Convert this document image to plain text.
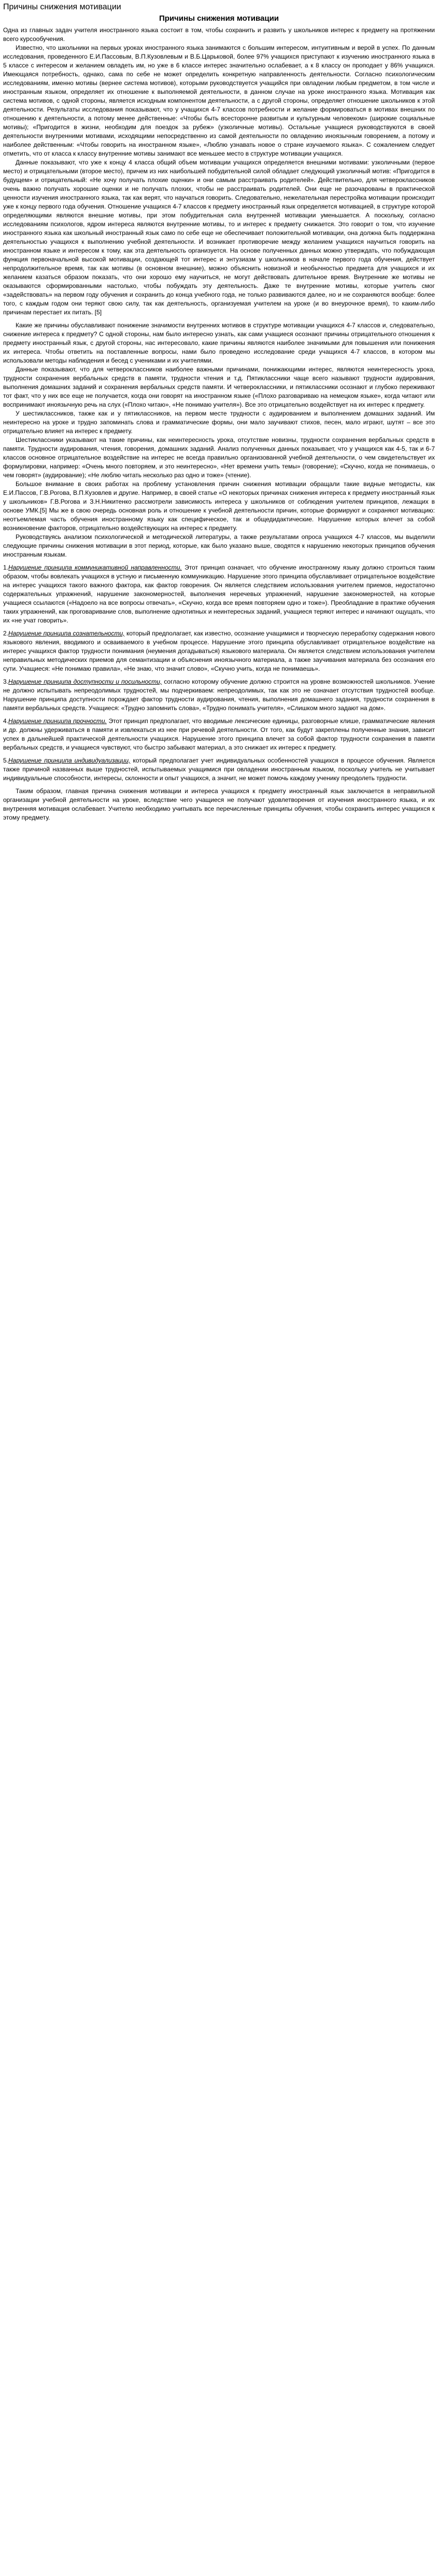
Причины снижения мотивации
Причины снижения мотивации

Одна из главных задач учителя иностранного языка состоит в том, чтобы сохранить и развить у школьников интерес к предмету на протяжении всего курсообучения.

Известно, что школьники на первых уроках иностранного языка занимаются с большим интересом, интуитивным и верой в успех. По данным исследования, проведенного Е.И.Пассовым, В.П.Кузовлевым и В.Б.Царьковой, более 97% учащихся приступают к изучению иностранного языка в 5 классе с интересом и желанием овладеть им, но уже в 6 классе интерес значительно ослабевает, а к 8 классу он проподает у 86% учащихся. Имеющаяся потребность, однако, сама по себе не может определить конкретную направленность деятельности. Согласно психологическим исследованиям, именно мотивы (вернее система мотивов), которыми руководствуется учащийся при овладении любым предметом, в том числе и иностранным языком, определяет их отношение к выполняемой деятельности, в данном случае на уроке иностранного языка. Мотивация как система мотивов, с одной стороны, является исходным компонентом деятельности, а с другой стороны, определяет отношение школьников к этой деятельности. Результаты исследования показывают, что у учащихся 4-7 классов потребности и желание формироваться в мотивах внешних по отношению к деятельности, а потому менее действенные: «Чтобы быть всесторонне развитым и культурным человеком» (широкие социальные мотивы); «Пригодится в жизни, необходим для поездок за рубеж» (узколичные мотивы). Остальные учащиеся руководствуются в своей деятельности внутренними мотивами, исходящими непосредственно из самой деятельности по овладению иноязычным говорением, а потому и наиболее действенным: «Чтобы говорить на иностранном языке», «Люблю узнавать новое о стране изучаемого языка». С сожалением следует отметить, что от класса к классу внутренние мотивы занимают все меньшее место в структуре мотивации учащихся.

Данные показывают, что уже к концу 4 класса общий объем мотивации учащихся определяется внешними мотивами: узколичными (первое место) и отрицательными (второе место), причем из них наибольшей побудительной силой обладает следующий узколичный мотив: «Пригодится в будущем» и отрицательный: «Не хочу получать плохие оценки» и они самым расстраивать родителей». Действительно, для четвероклассников очень важно получать хорошие оценки и не получать плохих, чтобы не расстраивать родителей. Они еще не разочарованы в практической ценности изучения иностранного языка, так как верят, что научаться говорить. Следовательно, нежелательная перестройка мотивации происходит уже к концу первого года обучения. Отношение учащихся 4-7 классов к предмету иностранный язык определяется мотивацией, в структуре которой определяющими являются внешние мотивы, при этом побудительная сила внутренней мотивации уменьшается. А поскольку, согласно исследованиям психологов, ядром интереса являются внутренние мотивы, то и интерес к предмету снижается. Это говорит о том, что изучение иностранного языка как школьный иностранный язык само по себе еще не обеспечивает положительной мотивации, она должна быть поддержана деятельностью учащихся к выполнению учебной деятельности. И возникает противоречие между желанием учащихся научиться говорить на иностранном языке и интересом к тому, как эта деятельность организуется. На основе полученных данных можно утверждать, что побуждающая функция первоначальной высокой мотивации, создающей тот интерес и энтузиазм у школьников в начале первого года обучения, действует непродолжительное время, так как мотивы (в основном внешние), можно объяснить новизной и необычностью предмета для учащихся и их желанием казаться образом показать, что они хорошо ему научиться, не могут действовать длительное время. Внутренние же мотивы не оказываются сформированными настолько, чтобы побуждать эту деятельность. Даже те внутренние мотивы, которые учитель смог «задействовать» на первом году обучения и сохранить до конца учебного года, не только развиваются далее, но и не сохраняются вообще: более того, с каждым годом они теряют свою силу, так как деятельность, организуемая учителем на уроке (и во внеурочное время), то каким-либо причинам перестает их питать. [5]

Какие же причины обуславливают понижение значимости внутренних мотивов в структуре мотивации учащихся 4-7 классов и, следовательно, снижение интереса к предмету? С одной стороны, нам было интересно узнать, как сами учащиеся осознают причины отрицательного отношения к предмету иностранный язык, с другой стороны, нас интересовало, какие причины являются наиболее значимыми для повышения или понижения их интереса. Чтобы ответить на поставленные вопросы, нами было проведено исследование среди учащихся 4-7 классов, в котором мы использовали методы наблюдения и бесед с учениками и их учителями.

Данные показывают, что для четвероклассников наиболее важными причинами, понижающими интерес, являются неинтересность урока, трудности сохранения вербальных средств в памяти, трудности чтения и т.д. Пятиклассники чаще всего называют трудности аудирования, выполнения домашних заданий и сохранения вербальных средств памяти. И четвероклассники, и пятиклассники осознают и глубоко переживают тот факт, что у них все еще не получается, когда они говорят на иностранном языке («Плохо разговариваю на немецком языке», когда читают или воспринимают иноязычную речь на слух («Плохо читаю», «Не понимаю учителя»). Все это отрицательно воздействует на их интерес к предмету.

У шестиклассников, также как и у пятиклассников, на первом месте трудности с аудированием и выполнением домашних заданий. Им неинтересно на уроке и трудно запоминать слова и грамматические формы, они мало заучивают стихов, песен, мало играют, шутят – все это отрицательно влияет на интерес к предмету.

Шестиклассники указывают на такие причины, как неинтересность урока, отсутствие новизны, трудности сохранения вербальных средств в памяти. Трудности аудирования, чтения, говорения, домашних заданий. Анализ полученных данных показывает, что у учащихся как 4-5, так и 6-7 классов основное отрицательное воздействие на интерес не всегда правильно организованной учебной деятельности, о чем свидетельствует их формулировки, например: «Очень много повторяем, и это неинтересно», «Нет времени учить темы» (говорение); «Скучно, когда не понимаешь, о чем говорят» (аудирование); «Не люблю читать несколько раз одно и тоже» (чтение).

Большое внимание в своих работах на проблему установления причин снижения мотивации обращали такие видные методисты, как Е.И.Пассов, Г.В.Рогова, В.П.Кузовлев и другие. Например, в своей статье «О некоторых причинах снижения интереса к предмету иностранный язык у школьников» Г.В.Рогова и З.Н.Никитенко рассмотрели зависимость интереса у школьников от соблюдения учителем принципов, лежащих в основе УМК.[5] Мы же в свою очередь основная роль и отношение к учебной деятельности причин, которые формируют и сохраняют мотивацию: неотъемлемая часть обучения иностранному языку как специфическое, так и общедидактические. Нарушение которых влечет за собой возникновение факторов, отрицательно воздействующих на интерес к предмету.

Руководствуясь анализом психологической и методической литературы, а также результатами опроса учащихся 4-7 классов, мы выделили следующие причины снижения мотивации в этот период, которые, как было указано выше, сводятся к нарушению некоторых принципов обучения иностранным языкам.

1.Нарушение принципа коммуникативной направленности. Этот принцип означает, что обучение иностранному языку должно строиться таким образом, чтобы вовлекать учащихся в устную и письменную коммуникацию. Нарушение этого принципа обуславливает отрицательное воздействие на интерес учащихся такого важного фактора, как фактор говорения. Он является следствием использования учителем приемов, недостаточно содержательных упражнений, нарушение закономерностей, выполнения неречевых упражнений, нарушение закономерностей, на которые учащиеся ссылаются («Надоело на все вопросы отвечать», «Скучно, когда все время повторяем одно и тоже»). Преобладание в практике обучения таких упражнений, как проговаривание слов, выполнение однотипных и неинтересных заданий, учащиеся теряют интерес и начинают ощущать, что их «не учат говорить».
2.Нарушение принципа сознательности, который предполагает, как известно, осознание учащимися и творческую переработку содержания нового языкового явления, вводимого и осваиваемого в учебном процессе. Нарушение этого принципа обуславливает отрицательное воздействие на интерес учащихся фактор трудности понимания (неумения догадываться) языкового материала. Он является следствием использования учителем неправильных методических приемов для семантизации и объяснения иноязычного материала, а также заучивания материала без осознания его сути. Учащиеся: «Не понимаю правила», «Не знаю, что значит слово», «Скучно учить, когда не понимаешь».
3.Нарушение принципа доступности и посильности, согласно которому обучение должно строится на уровне возможностей школьников. Учение не должно испытывать непреодолимых трудностей, мы подчеркиваем: непреодолимых, так как это не означает отсутствия трудностей вообще. Нарушение принципа доступности порождает фактор трудности аудирования, чтения, выполнения домашнего задания, трудности сохранения в памяти вербальных средств. Учащиеся: «Трудно запомнить слова», «Трудно понимать учителя», «Слишком много задают на дом».
4.Нарушение принципа прочности. Этот принцип предполагает, что вводимые лексические единицы, разговорные клише, грамматические явления и др. должны удерживаться в памяти и извлекаться из нее при речевой деятельности. От того, как будут закреплены полученные знания, зависит успех в дальнейшей практической деятельности учащихся. Нарушение этого принципа влечет за собой фактор трудности сохранения в памяти вербальных средств, и учащиеся чувствуют, что быстро забывают материал, а это снижает их интерес к предмету.
5.Нарушение принципа индивидуализации, который предполагает учет индивидуальных особенностей учащихся в процессе обучения. Является также причиной названных выше трудностей, испытываемых учащимися при овладении иностранным языком, поскольку учитель не учитывает индивидуальные способности, интересы, склонности и опыт учащихся, а значит, не может помочь каждому ученику преодолеть трудности.

Таким образом, главная причина снижения мотивации и интереса учащихся к предмету иностранный язык заключается в неправильной организации учебной деятельности на уроке, вследствие чего учащиеся не получают удовлетворения от изучения иностранного языка, и их внутренняя мотивация ослабевает. Учителю необходимо учитывать все перечисленные принципы обучения, чтобы сохранить интерес учащихся к этому предмету.
